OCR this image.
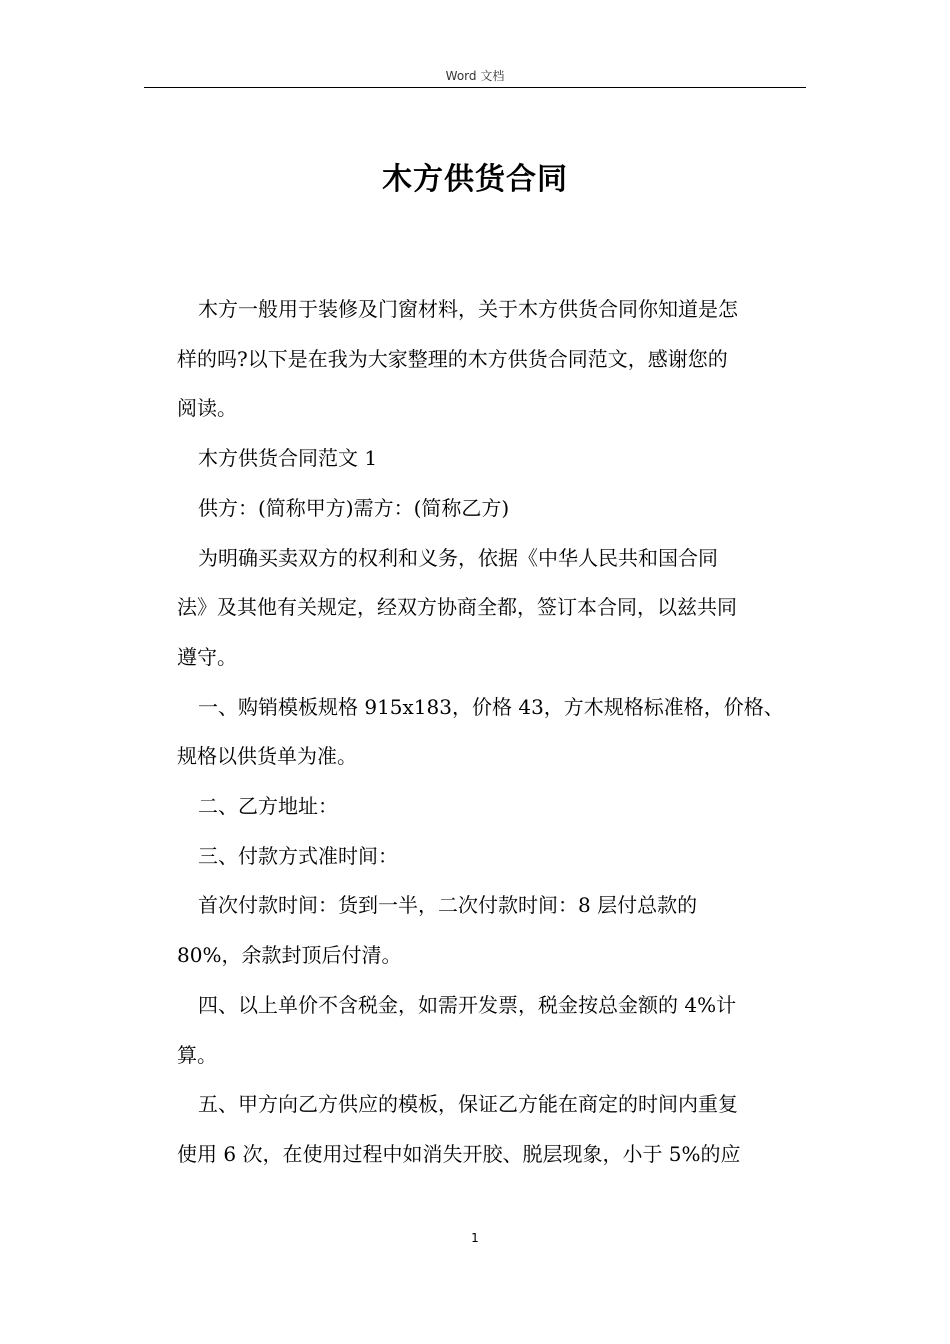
Word 文档
木方供货合同
木方一般用于装修及门窗材料，关于木方供货合同你知道是怎
样的吗?以下是在我为大家整理的木方供货合同范文，感谢您的
阅读。
木方供货合同范文 1
供方：(简称甲方)需方：(简称乙方)
为明确买卖双方的权利和义务，依据《中华人民共和国合同
法》及其他有关规定，经双方协商全都，签订本合同，以兹共同
遵守。
一、购销模板规格 915x183，价格 43，方木规格标准格，价格、
规格以供货单为准。
二、乙方地址：
三、付款方式准时间：
首次付款时间：货到一半，二次付款时间：8 层付总款的
80%，余款封顶后付清。
四、以上单价不含税金，如需开发票，税金按总金额的 4%计
算。
五、甲方向乙方供应的模板，保证乙方能在商定的时间内重复
使用 6 次，在使用过程中如消失开胶、脱层现象，小于 5%的应
1
